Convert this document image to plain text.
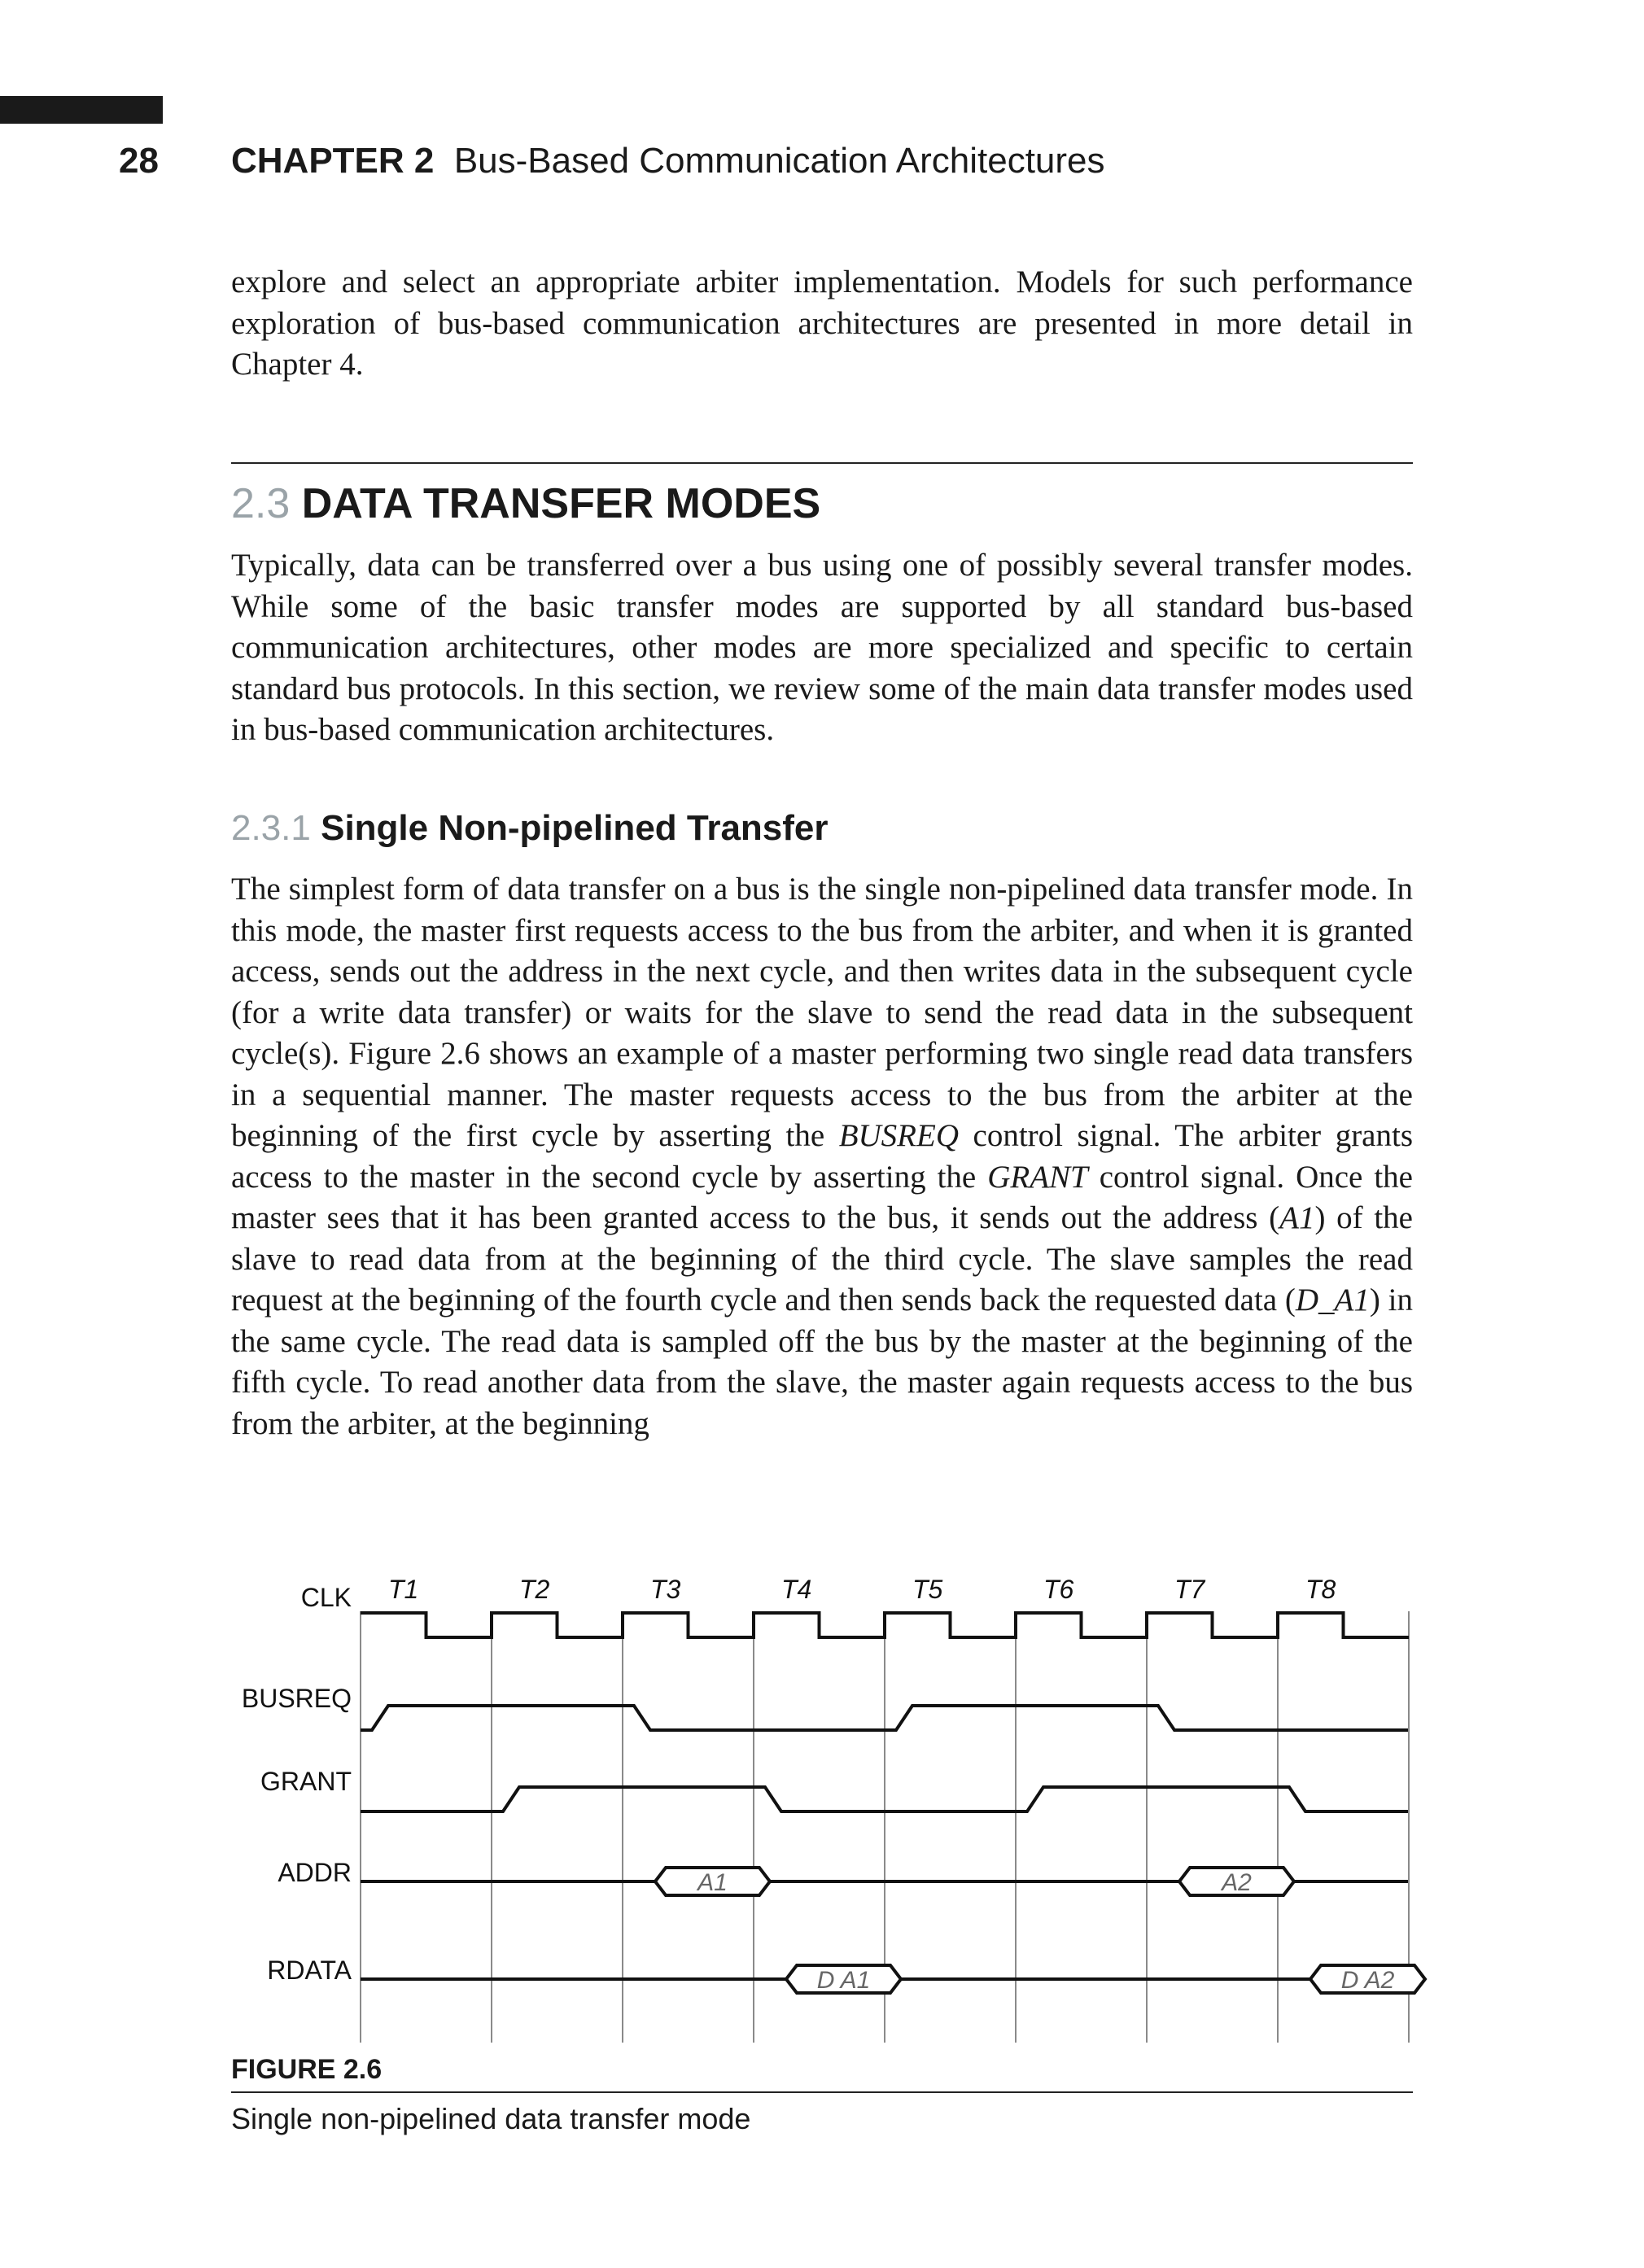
28 CHAPTER 2 Bus-Based Communication Architectures

explore and select an appropriate arbiter implementation. Models for such performance exploration of bus-based communication architectures are presented in more detail in Chapter 4.

2.3 DATA TRANSFER MODES

Typically, data can be transferred over a bus using one of possibly several transfer modes. While some of the basic transfer modes are supported by all standard bus-based communication architectures, other modes are more specialized and specific to certain standard bus protocols. In this section, we review some of the main data transfer modes used in bus-based communication architectures.

2.3.1 Single Non-pipelined Transfer

The simplest form of data transfer on a bus is the single non-pipelined data transfer mode. In this mode, the master first requests access to the bus from the arbiter, and when it is granted access, sends out the address in the next cycle, and then writes data in the subsequent cycle (for a write data transfer) or waits for the slave to send the read data in the subsequent cycle(s). Figure 2.6 shows an example of a master performing two single read data transfers in a sequential manner. The master requests access to the bus from the arbiter at the beginning of the first cycle by asserting the BUSREQ control signal. The arbiter grants access to the master in the second cycle by asserting the GRANT control signal. Once the master sees that it has been granted access to the bus, it sends out the address (A1) of the slave to read data from at the beginning of the third cycle. The slave samples the read request at the beginning of the fourth cycle and then sends back the requested data (D_A1) in the same cycle. The read data is sampled off the bus by the master at the beginning of the fifth cycle. To read another data from the slave, the master again requests access to the bus from the arbiter, at the beginning

T1	T2	T3	T4	T5	T6	T7	T8
CLK
BUSREQ
GRANT
ADDR
RDATA
A1	A2
D A1	D A2
FIGURE 2.6
Single non-pipelined data transfer mode
